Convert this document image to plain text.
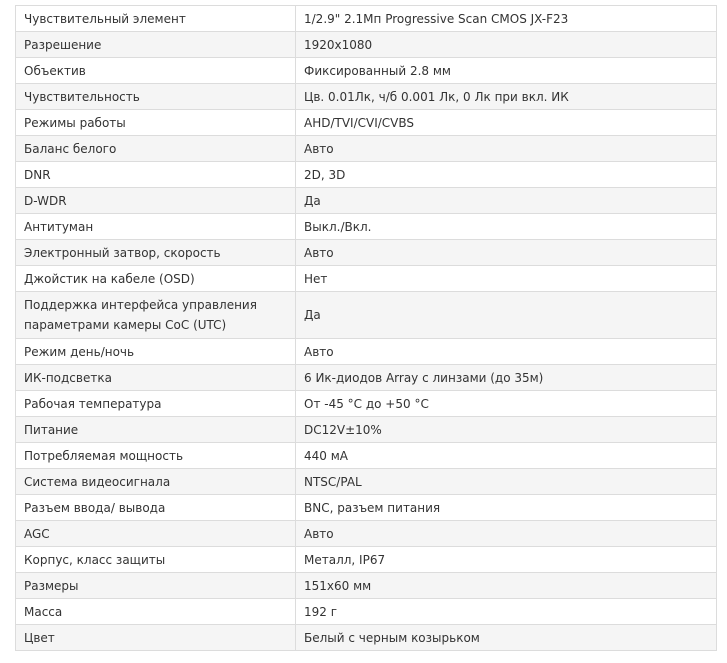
Чувствительный элемент	1/2.9" 2.1Мп Progressive Scan CMOS JX-F23
Разрешение	1920x1080
Объектив	Фиксированный 2.8 мм
Чувствительность	Цв. 0.01Лк, ч/б 0.001 Лк, 0 Лк при вкл. ИК
Режимы работы	AHD/TVI/CVI/CVBS
Баланс белого	Авто
DNR	2D, 3D
D-WDR	Да
Антитуман	Выкл./Вкл.
Электронный затвор, скорость	Авто
Джойстик на кабеле (OSD)	Нет
Поддержка интерфейса управления параметрами камеры CoC (UTC)	Да
Режим день/ночь	Авто
ИК-подсветка	6 Ик-диодов Array с линзами (до 35м)
Рабочая температура	От -45 °С до +50 °С
Питание	DC12V±10%
Потребляемая мощность	440 мА
Система видеосигнала	NTSC/PAL
Разъем ввода/ вывода	BNC, разъем питания
AGC	Авто
Корпус, класс защиты	Металл, IP67
Размеры	151x60 мм
Масса	192 г
Цвет	Белый с черным козырьком
